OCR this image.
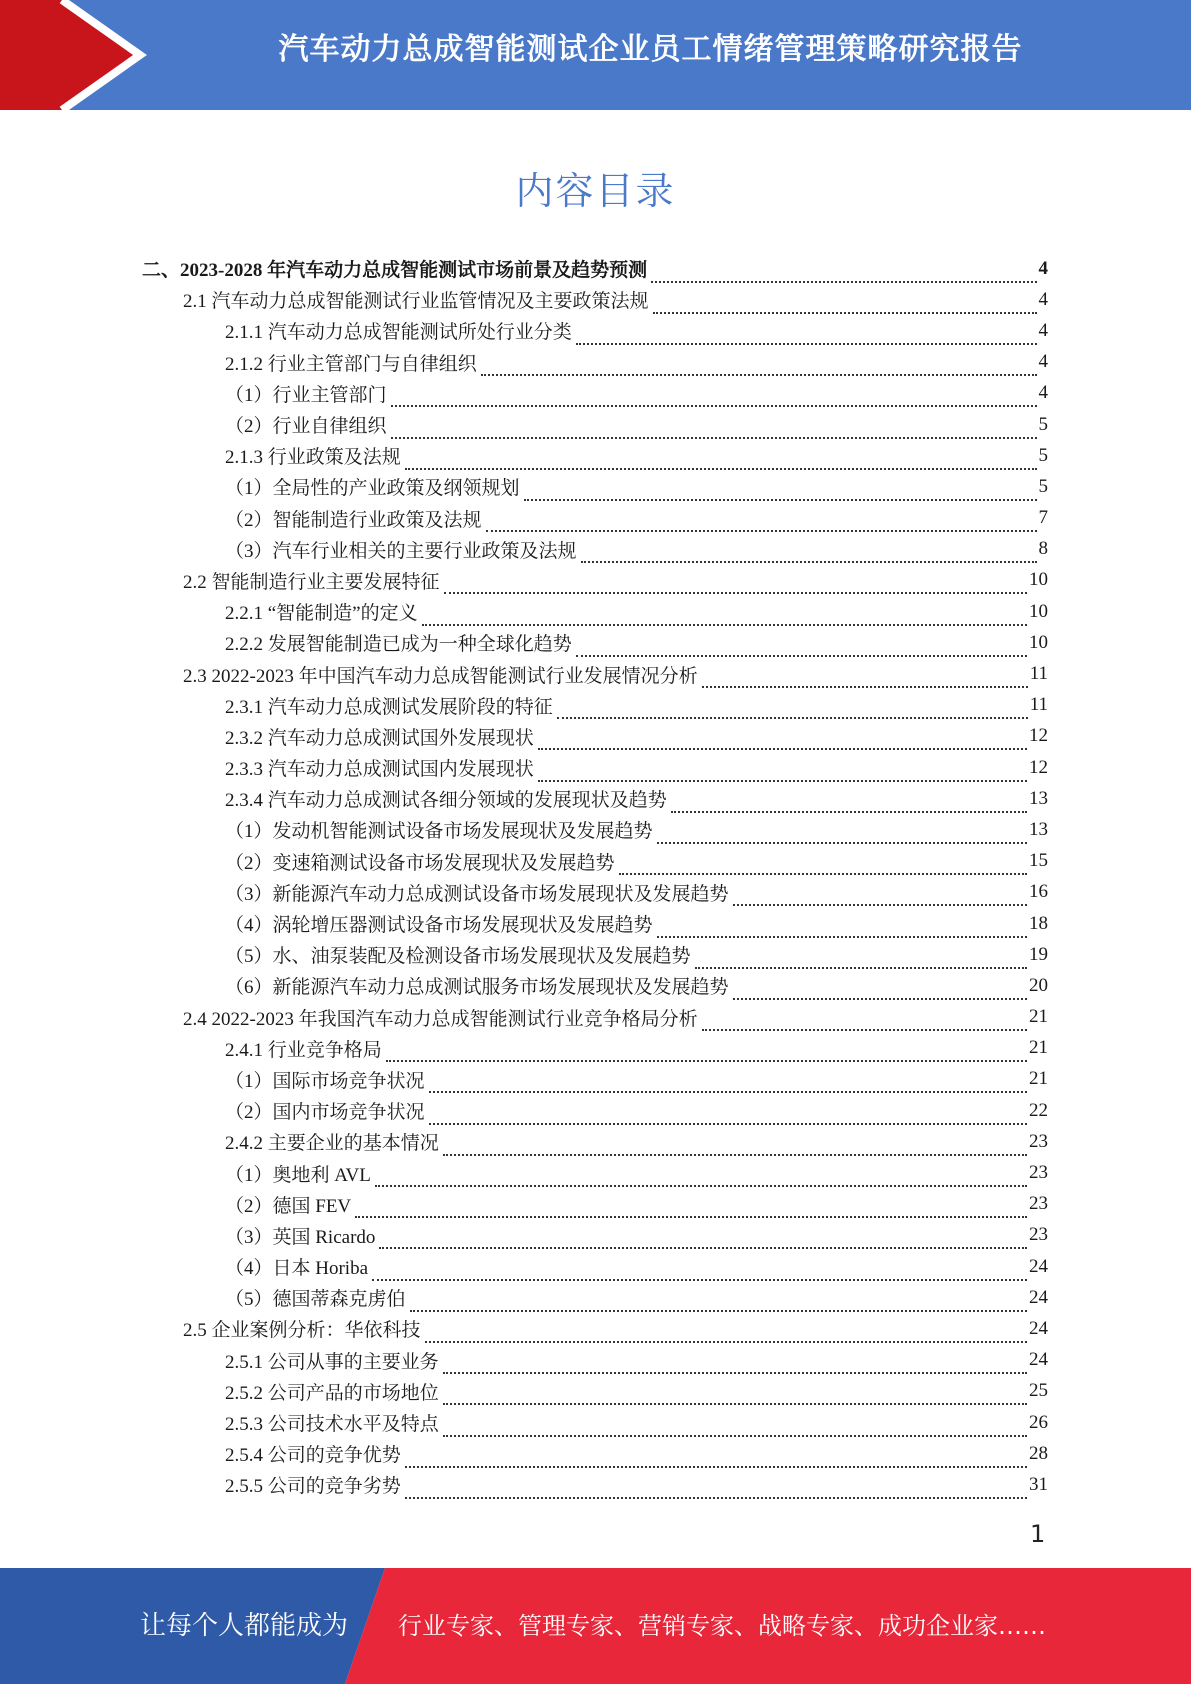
汽车动力总成智能测试企业员工情绪管理策略研究报告
内容目录
二、2023-2028 年汽车动力总成智能测试市场前景及趋势预测	4
2.1 汽车动力总成智能测试行业监管情况及主要政策法规	4
2.1.1 汽车动力总成智能测试所处行业分类	4
2.1.2 行业主管部门与自律组织	4
（1）行业主管部门	4
（2）行业自律组织	5
2.1.3 行业政策及法规	5
（1）全局性的产业政策及纲领规划	5
（2）智能制造行业政策及法规	7
（3）汽车行业相关的主要行业政策及法规	8
2.2 智能制造行业主要发展特征	10
2.2.1 “智能制造”的定义	10
2.2.2 发展智能制造已成为一种全球化趋势	10
2.3 2022-2023 年中国汽车动力总成智能测试行业发展情况分析	11
2.3.1 汽车动力总成测试发展阶段的特征	11
2.3.2 汽车动力总成测试国外发展现状	12
2.3.3 汽车动力总成测试国内发展现状	12
2.3.4 汽车动力总成测试各细分领域的发展现状及趋势	13
（1）发动机智能测试设备市场发展现状及发展趋势	13
（2）变速箱测试设备市场发展现状及发展趋势	15
（3）新能源汽车动力总成测试设备市场发展现状及发展趋势	16
（4）涡轮增压器测试设备市场发展现状及发展趋势	18
（5）水、油泵装配及检测设备市场发展现状及发展趋势	19
（6）新能源汽车动力总成测试服务市场发展现状及发展趋势	20
2.4 2022-2023 年我国汽车动力总成智能测试行业竞争格局分析	21
2.4.1 行业竞争格局	21
（1）国际市场竞争状况	21
（2）国内市场竞争状况	22
2.4.2 主要企业的基本情况	23
（1）奥地利 AVL	23
（2）德国 FEV	23
（3）英国 Ricardo	23
（4）日本 Horiba	24
（5）德国蒂森克虏伯	24
2.5 企业案例分析：华依科技	24
2.5.1 公司从事的主要业务	24
2.5.2 公司产品的市场地位	25
2.5.3 公司技术水平及特点	26
2.5.4 公司的竞争优势	28
2.5.5 公司的竞争劣势	31
1
让每个人都能成为 行业专家、管理专家、营销专家、战略专家、成功企业家……
